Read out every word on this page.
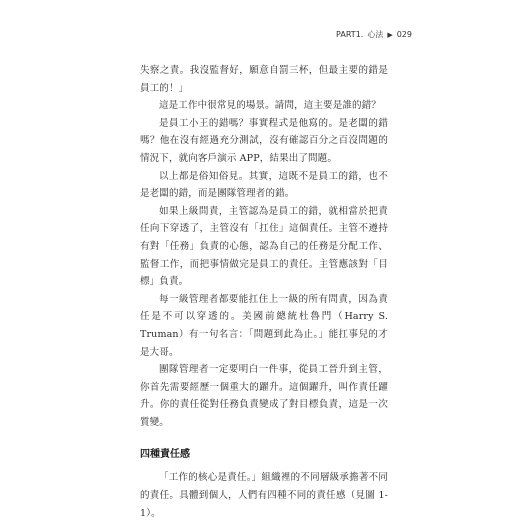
PART1. 心法 ▶ 029

失察之責。我沒監督好，願意自罰三杯，但最主要的錯是員工的！」

這是工作中很常見的場景。請問，這主要是誰的錯？

是員工小王的錯嗎？事實程式是他寫的。是老闆的錯嗎？他在沒有經過充分測試，沒有確認百分之百沒問題的情況下，就向客戶演示 APP，結果出了問題。

以上都是俗知俗見。其實，這既不是員工的錯，也不是老闆的錯，而是團隊管理者的錯。

如果上級問責，主管認為是員工的錯，就相當於把責任向下穿透了，主管沒有「扛住」這個責任。主管不遵持有對「任務」負責的心態，認為自己的任務是分配工作、監督工作，而把事情做完是員工的責任。主管應該對「目標」負責。

每一級管理者都要能扛住上一級的所有問責，因為責任是不可以穿透的。美國前總統杜魯門（Harry S. Truman）有一句名言：「問題到此為止。」能扛事兒的才是大哥。

團隊管理者一定要明白一件事，從員工晉升到主管，你首先需要經歷一個重大的躍升。這個躍升，叫作責任躍升。你的責任從對任務負責變成了對目標負責，這是一次質變。

四種責任感

「工作的核心是責任。」組織裡的不同層級承擔著不同的責任。具體到個人，人們有四種不同的責任感（見圖 1-1）。
